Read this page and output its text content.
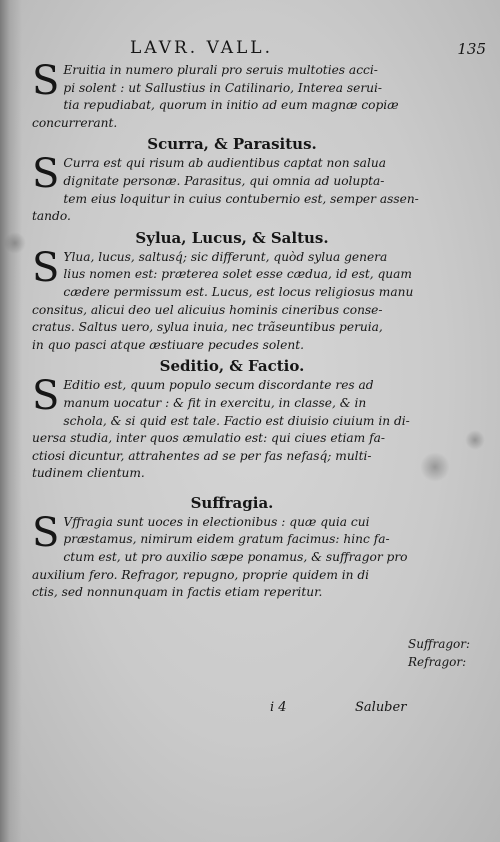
LAVR. VALL.	135

S Eruitia in numero plurali pro seruis multoties acci-
pi solent : ut Sallustius in Catilinario, Interea serui-
tia repudiabat, quorum in initio ad eum magnæ copiæ
concurrerant.

Scurra, & Parasitus.

S Curra est qui risum ab audientibus captat non salua
dignitate personæ. Parasitus, qui omnia ad uolupta-
tem eius loquitur in cuius contubernio est, semper assen-
tando.

Sylua, Lucus, & Saltus.

S Ylua, lucus, saltusq́; sic differunt, quòd sylua genera
lius nomen est: præterea solet esse cædua, id est, quam
cædere permissum est. Lucus, est locus religiosus manu
consitus, alicui deo uel alicuius hominis cineribus conse-
cratus. Saltus uero, sylua inuia, nec trãseuntibus peruia,
in quo pasci atque æstiuare pecudes solent.

Seditio, & Factio.

S Editio est, quum populo secum discordante res ad
manum uocatur : & fit in exercitu, in classe, & in
schola, & si quid est tale. Factio est diuisio ciuium in di-
uersa studia, inter quos æmulatio est: qui ciues etiam fa-
ctiosi dicuntur, attrahentes ad se per fas nefasq́; multi-
tudinem clientum.

Suffragia.

S Vffragia sunt uoces in electionibus : quæ quia cui
præstamus, nimirum eidem gratum facimus: hinc fa-
ctum est, ut pro auxilio sæpe ponamus, & suffragor pro
auxilium fero. Refragor, repugno, proprie quidem in di
ctis, sed nonnunquam in factis etiam reperitur.

Suffragor:
Refragor:
i 4	Saluber
